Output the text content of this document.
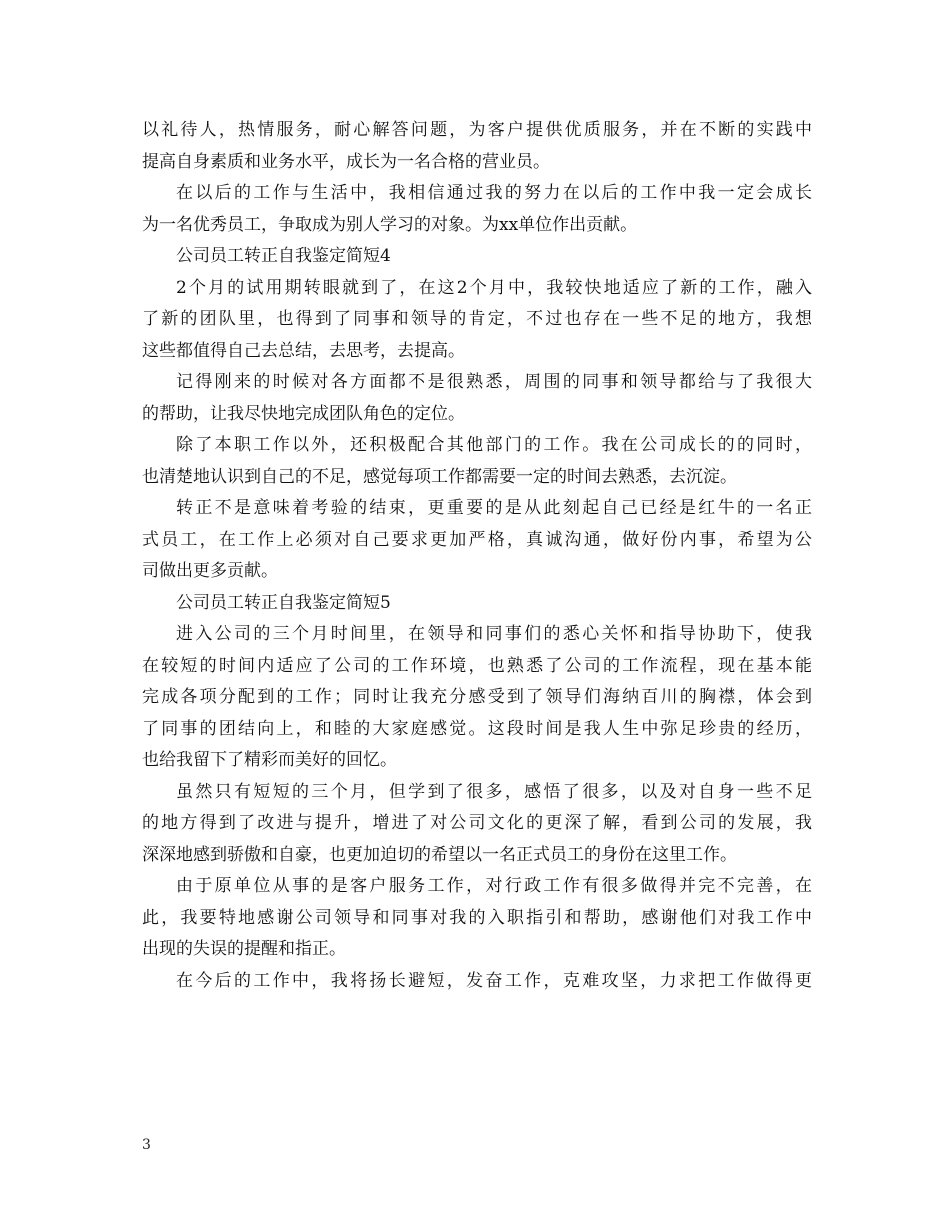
以礼待人，热情服务，耐心解答问题，为客户提供优质服务，并在不断的实践中
提高自身素质和业务水平，成长为一名合格的营业员。
在以后的工作与生活中，我相信通过我的努力在以后的工作中我一定会成长
为一名优秀员工，争取成为别人学习的对象。为xx单位作出贡献。
公司员工转正自我鉴定简短4
2个月的试用期转眼就到了，在这2个月中，我较快地适应了新的工作，融入
了新的团队里，也得到了同事和领导的肯定，不过也存在一些不足的地方，我想
这些都值得自己去总结，去思考，去提高。
记得刚来的时候对各方面都不是很熟悉，周围的同事和领导都给与了我很大
的帮助，让我尽快地完成团队角色的定位。
除了本职工作以外，还积极配合其他部门的工作。我在公司成长的的同时，
也清楚地认识到自己的不足，感觉每项工作都需要一定的时间去熟悉，去沉淀。
转正不是意味着考验的结束，更重要的是从此刻起自己已经是红牛的一名正
式员工，在工作上必须对自己要求更加严格，真诚沟通，做好份内事，希望为公
司做出更多贡献。
公司员工转正自我鉴定简短5
进入公司的三个月时间里，在领导和同事们的悉心关怀和指导协助下，使我
在较短的时间内适应了公司的工作环境，也熟悉了公司的工作流程，现在基本能
完成各项分配到的工作；同时让我充分感受到了领导们海纳百川的胸襟，体会到
了同事的团结向上，和睦的大家庭感觉。这段时间是我人生中弥足珍贵的经历，
也给我留下了精彩而美好的回忆。
虽然只有短短的三个月，但学到了很多，感悟了很多，以及对自身一些不足
的地方得到了改进与提升，增进了对公司文化的更深了解，看到公司的发展，我
深深地感到骄傲和自豪，也更加迫切的希望以一名正式员工的身份在这里工作。
由于原单位从事的是客户服务工作，对行政工作有很多做得并完不完善，在
此，我要特地感谢公司领导和同事对我的入职指引和帮助，感谢他们对我工作中
出现的失误的提醒和指正。
在今后的工作中，我将扬长避短，发奋工作，克难攻坚，力求把工作做得更
3
